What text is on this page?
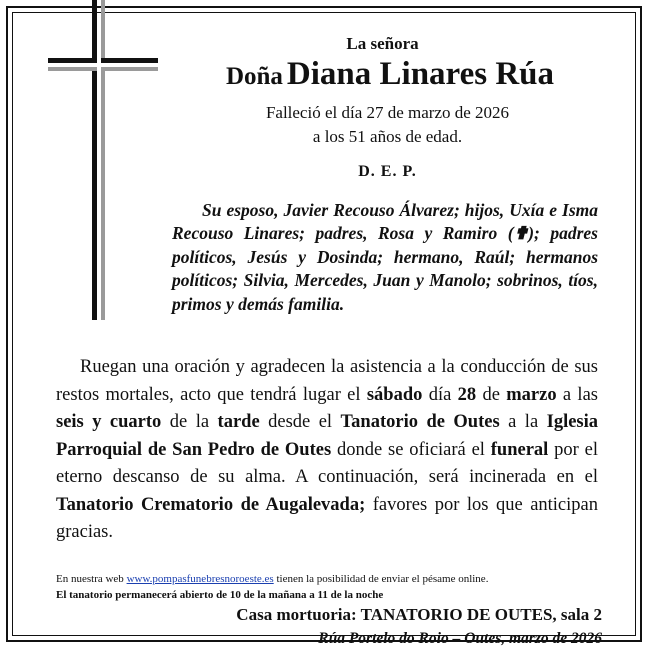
La señora
Doña Diana Linares Rúa
Falleció el día 27 de marzo de 2026
a los 51 años de edad.
D. E. P.

Su esposo, Javier Recouso Álvarez; hijos, Uxía e Isma Recouso Linares; padres, Rosa y Ramiro (✟); padres políticos, Jesús y Dosinda; hermano, Raúl; hermanos políticos; Silvia, Mercedes, Juan y Manolo; sobrinos, tíos, primos y demás familia.

Ruegan una oración y agradecen la asistencia a la conducción de sus restos mortales, acto que tendrá lugar el sábado día 28 de marzo a las seis y cuarto de la tarde desde el Tanatorio de Outes a la Iglesia Parroquial de San Pedro de Outes donde se oficiará el funeral por el eterno descanso de su alma. A continuación, será incinerada en el Tanatorio Crematorio de Augalevada; favores por los que anticipan gracias.

En nuestra web www.pompasfunebresnoroeste.es tienen la posibilidad de enviar el pésame online.
El tanatorio permanecerá abierto de 10 de la mañana a 11 de la noche
Casa mortuoria: TANATORIO DE OUTES, sala 2
Rúa Portelo do Roio – Outes, marzo de 2026
